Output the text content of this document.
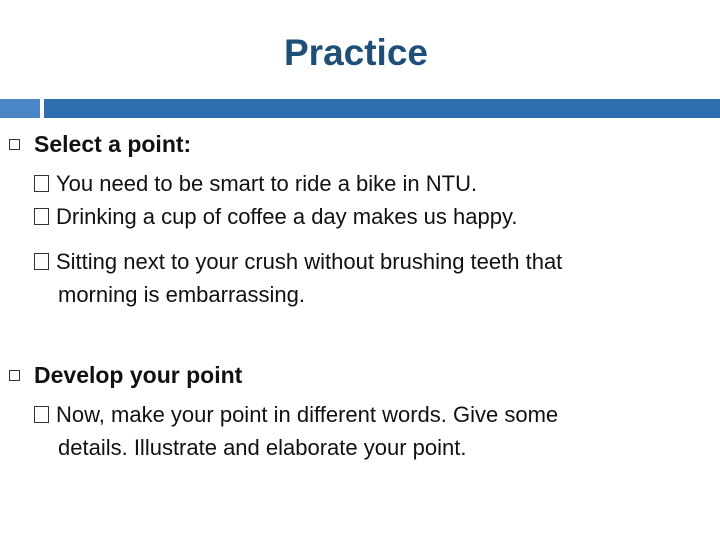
Practice
Select a point:
You need to be smart to ride a bike in NTU.
Drinking a cup of coffee a day makes us happy.
Sitting next to your crush without brushing teeth that
morning is embarrassing.
Develop your point
Now, make your point in different words. Give some
details. Illustrate and elaborate your point.
